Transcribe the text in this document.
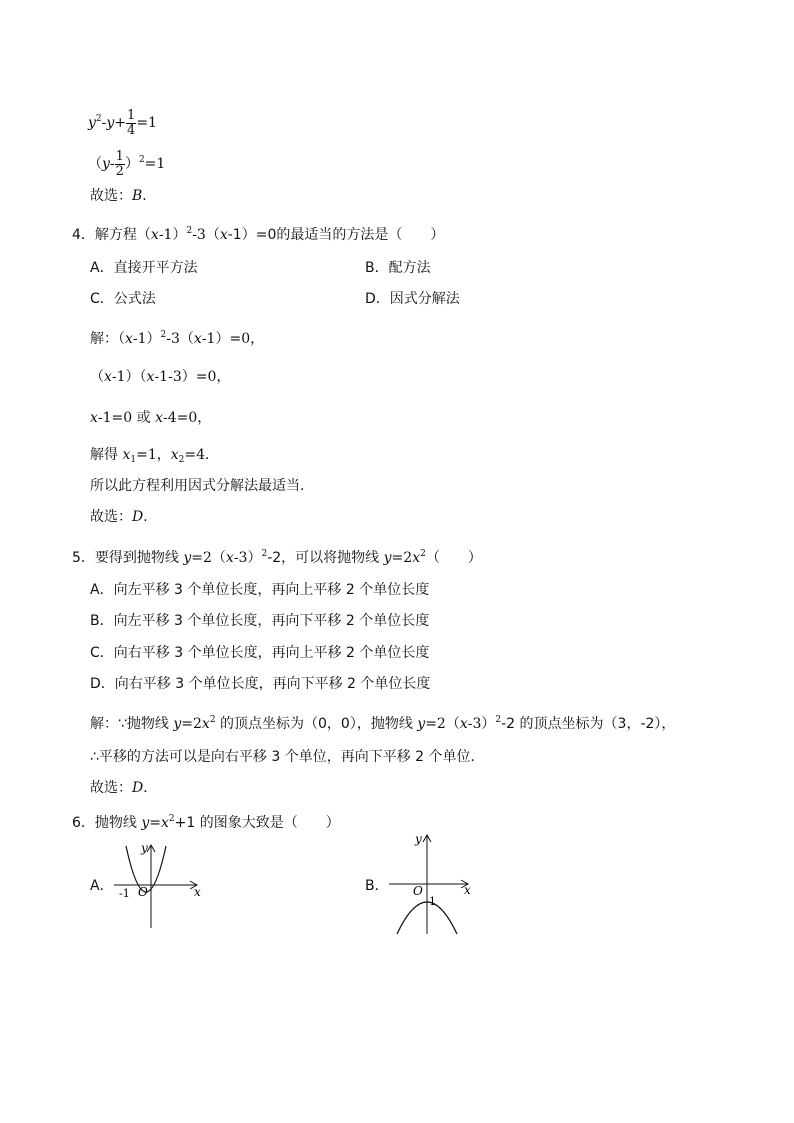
$y^2-y+ \frac{1}{4} =1$
$(y- \frac{1}{2} )^2=1$
故选：B．
4．解方程$(x-1)^2-3(x-1)=0$的最适当的方法是（　　）
A．直接开平方法	B．配方法
C．公式法	D．因式分解法
解：$(x-1)^2-3(x-1)=0$，
（x-1）（x-1-3）=0，
x-1=0 或 x-4=0，
解得 $x_1=1$，$x_2=4$．
所以此方程利用因式分解法最适当．
故选：D．
5．要得到抛物线 $y=2(x-3)^2-2$，可以将抛物线 $y=2x^2$（　　）
A．向左平移 3 个单位长度，再向上平移 2 个单位长度
B．向左平移 3 个单位长度，再向下平移 2 个单位长度
C．向右平移 3 个单位长度，再向上平移 2 个单位长度
D．向右平移 3 个单位长度，再向下平移 2 个单位长度
解：∵抛物线 $y=2x^2$ 的顶点坐标为（0，0），抛物线 $y=2(x-3)^2-2$ 的顶点坐标为（3，-2），
∴平移的方法可以是向右平移 3 个单位，再向下平移 2 个单位．
故选：D．
6．抛物线 $y=x^2+1$ 的图象大致是（　　）
A．	B．
y
x
O
-1
y
x
O
1
